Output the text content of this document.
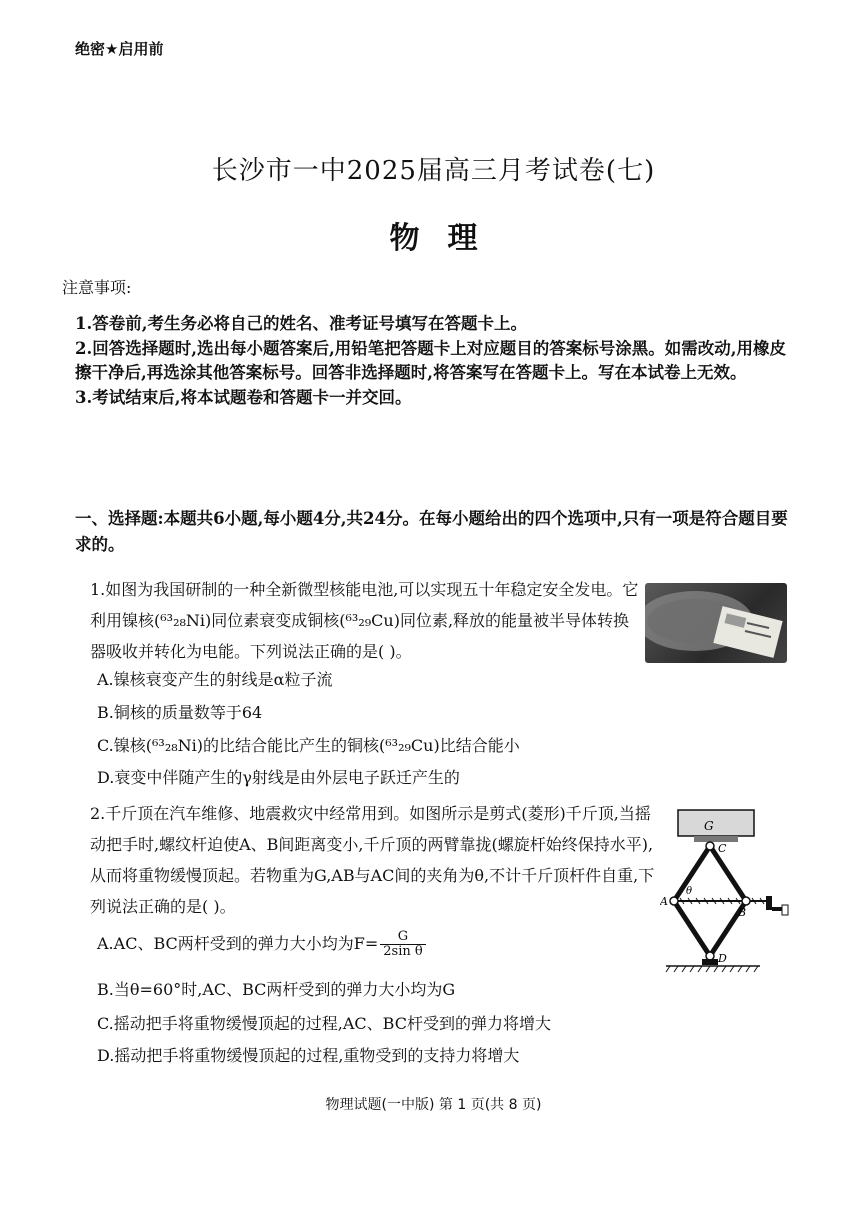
绝密★启用前
长沙市一中2025届高三月考试卷(七)
物理
注意事项:

1.答卷前,考生务必将自己的姓名、准考证号填写在答题卡上。

2.回答选择题时,选出每小题答案后,用铅笔把答题卡上对应题目的答案标号涂黑。如需改动,用橡皮擦干净后,再选涂其他答案标号。回答非选择题时,将答案写在答题卡上。写在本试卷上无效。

3.考试结束后,将本试题卷和答题卡一并交回。

一、选择题:本题共6小题,每小题4分,共24分。在每小题给出的四个选项中,只有一项是符合题目要求的。

1.如图为我国研制的一种全新微型核能电池,可以实现五十年稳定安全发电。它利用镍核(⁶³₂₈Ni)同位素衰变成铜核(⁶³₂₉Cu)同位素,释放的能量被半导体转换器吸收并转化为电能。下列说法正确的是( )。

A.镍核衰变产生的射线是α粒子流
B.铜核的质量数等于64
C.镍核(⁶³₂₈Ni)的比结合能比产生的铜核(⁶³₂₉Cu)比结合能小
D.衰变中伴随产生的γ射线是由外层电子跃迁产生的

2.千斤顶在汽车维修、地震救灾中经常用到。如图所示是剪式(菱形)千斤顶,当摇动把手时,螺纹杆迫使A、B间距离变小,千斤顶的两臂靠拢(螺旋杆始终保持水平),从而将重物缓慢顶起。若物重为G,AB与AC间的夹角为θ,不计千斤顶杆件自重,下列说法正确的是( )。

G
C
A
B
D
θ
A.AC、BC两杆受到的弹力大小均为$F= \frac{G}{\text{2sin θ}}$
B.当θ=60°时,AC、BC两杆受到的弹力大小均为G
C.摇动把手将重物缓慢顶起的过程,AC、BC杆受到的弹力将增大
D.摇动把手将重物缓慢顶起的过程,重物受到的支持力将增大
物理试题(一中版) 第 1 页(共 8 页)
